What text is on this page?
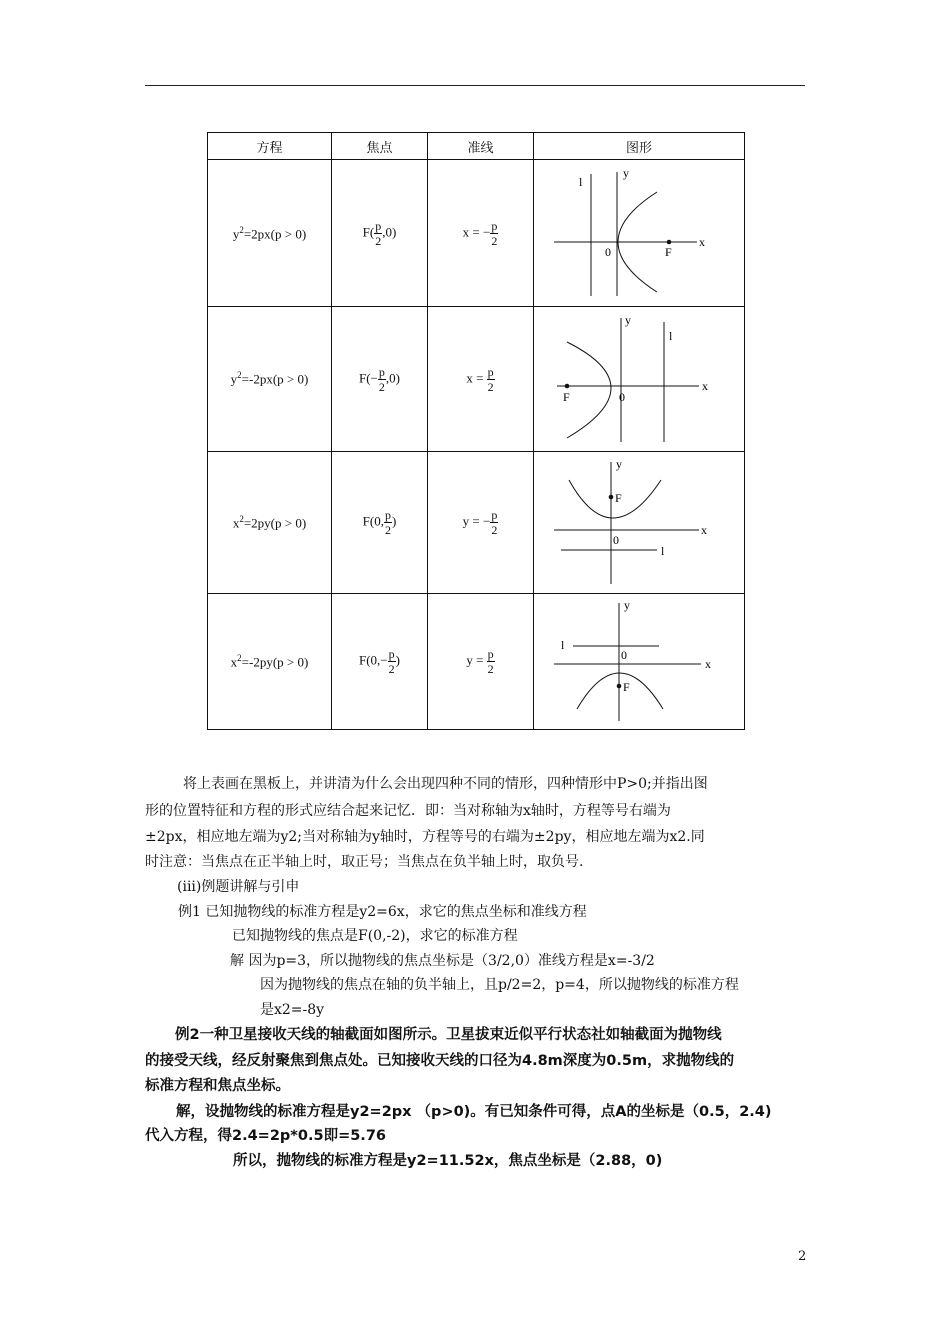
方程	焦点	准线	图形
$y^2=2px(p > 0)$	$F( \frac{p}{2} ,0)$	x = − $\frac{p}{2}$	x
y
0 F
l

$y^2=-2px(p > 0)$	$F(- \frac{p}{2} ,0)$	$x = \frac{p}{2}$	x
y
0
F
l

$x^2=2py(p > 0)$	F(0, $\frac{p}{2}$ )	y = − $\frac{p}{2}$	x
y
0
F
l

$x^2=-2py(p > 0)$	$F(0,- \frac{p}{2}$ )	$y = \frac{p}{2}$	x
y
0
F
l
将上表画在黑板上，并讲清为什么会出现四种不同的情形，四种情形中P>0;并指出图
形的位置特征和方程的形式应结合起来记忆．即：当对称轴为x轴时，方程等号右端为
±2px，相应地左端为y2;当对称轴为y轴时，方程等号的右端为±2py，相应地左端为x2.同
时注意：当焦点在正半轴上时，取正号；当焦点在负半轴上时，取负号.
(iii)例题讲解与引申
例1 已知抛物线的标准方程是y2=6x，求它的焦点坐标和准线方程
已知抛物线的焦点是F(0,-2)，求它的标准方程
解 因为p=3，所以抛物线的焦点坐标是（3/2,0）准线方程是x=-3/2
因为抛物线的焦点在轴的负半轴上，且p/2=2，p=4，所以抛物线的标准方程
是x2=-8y
例2一种卫星接收天线的轴截面如图所示。卫星拔束近似平行状态社如轴截面为抛物线
的接受天线，经反射聚焦到焦点处。已知接收天线的口径为4.8m深度为0.5m，求抛物线的
标准方程和焦点坐标。
解，设抛物线的标准方程是y2=2px （p>0)。有已知条件可得，点A的坐标是（0.5，2.4)
代入方程，得2.4=2p*0.5即=5.76
所以，抛物线的标准方程是y2=11.52x，焦点坐标是（2.88，0)
2
